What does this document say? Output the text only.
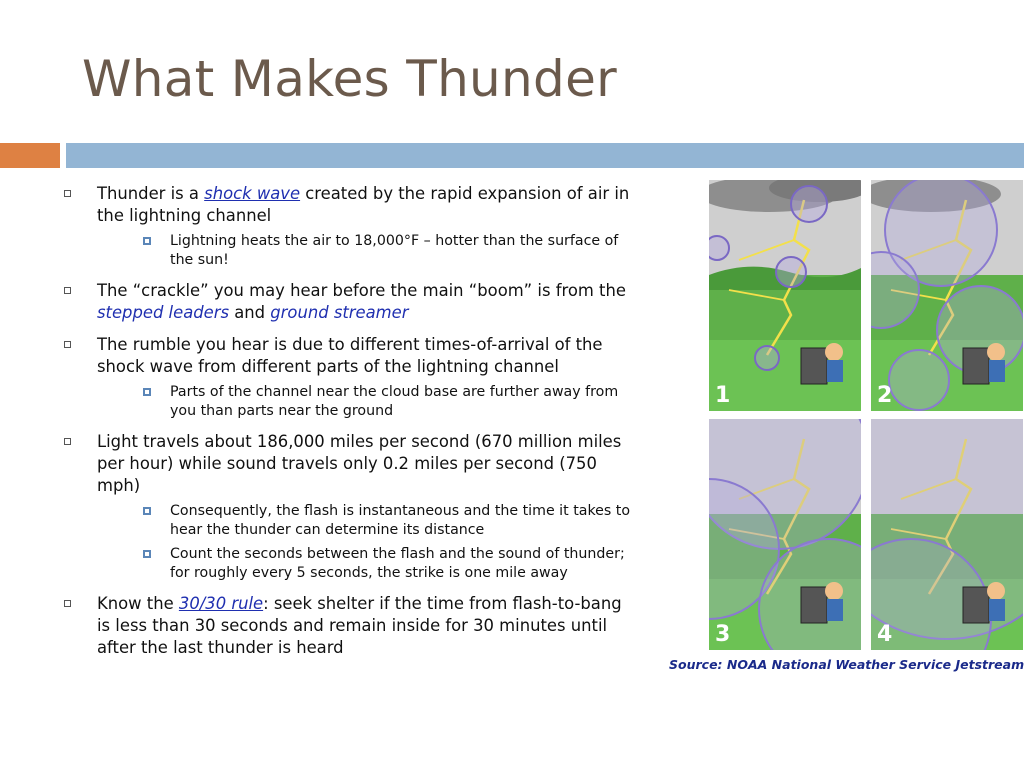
What Makes Thunder
Thunder is a shock wave created by the rapid expansion of air in the lightning channel
Lightning heats the air to 18,000°F – hotter than the surface of the sun!
The “crackle” you may hear before the main “boom” is from the stepped leaders and ground streamer
The rumble you hear is due to different times-of-arrival of the shock wave from different parts of the lightning channel
Parts of the channel near the cloud base are further away from you than parts near the ground
Light travels about 186,000 miles per second (670 million miles per hour) while sound travels only 0.2 miles per second (750 mph)
Consequently, the flash is instantaneous and the time it takes to hear the thunder can determine its distance
Count the seconds between the flash and the sound of thunder; for roughly every 5 seconds, the strike is one mile away
Know the 30/30 rule: seek shelter if the time from flash-to-bang is less than 30 seconds and remain inside for 30 minutes until after the last thunder is heard
1	2
3	4
Source: NOAA National Weather Service Jetstream
